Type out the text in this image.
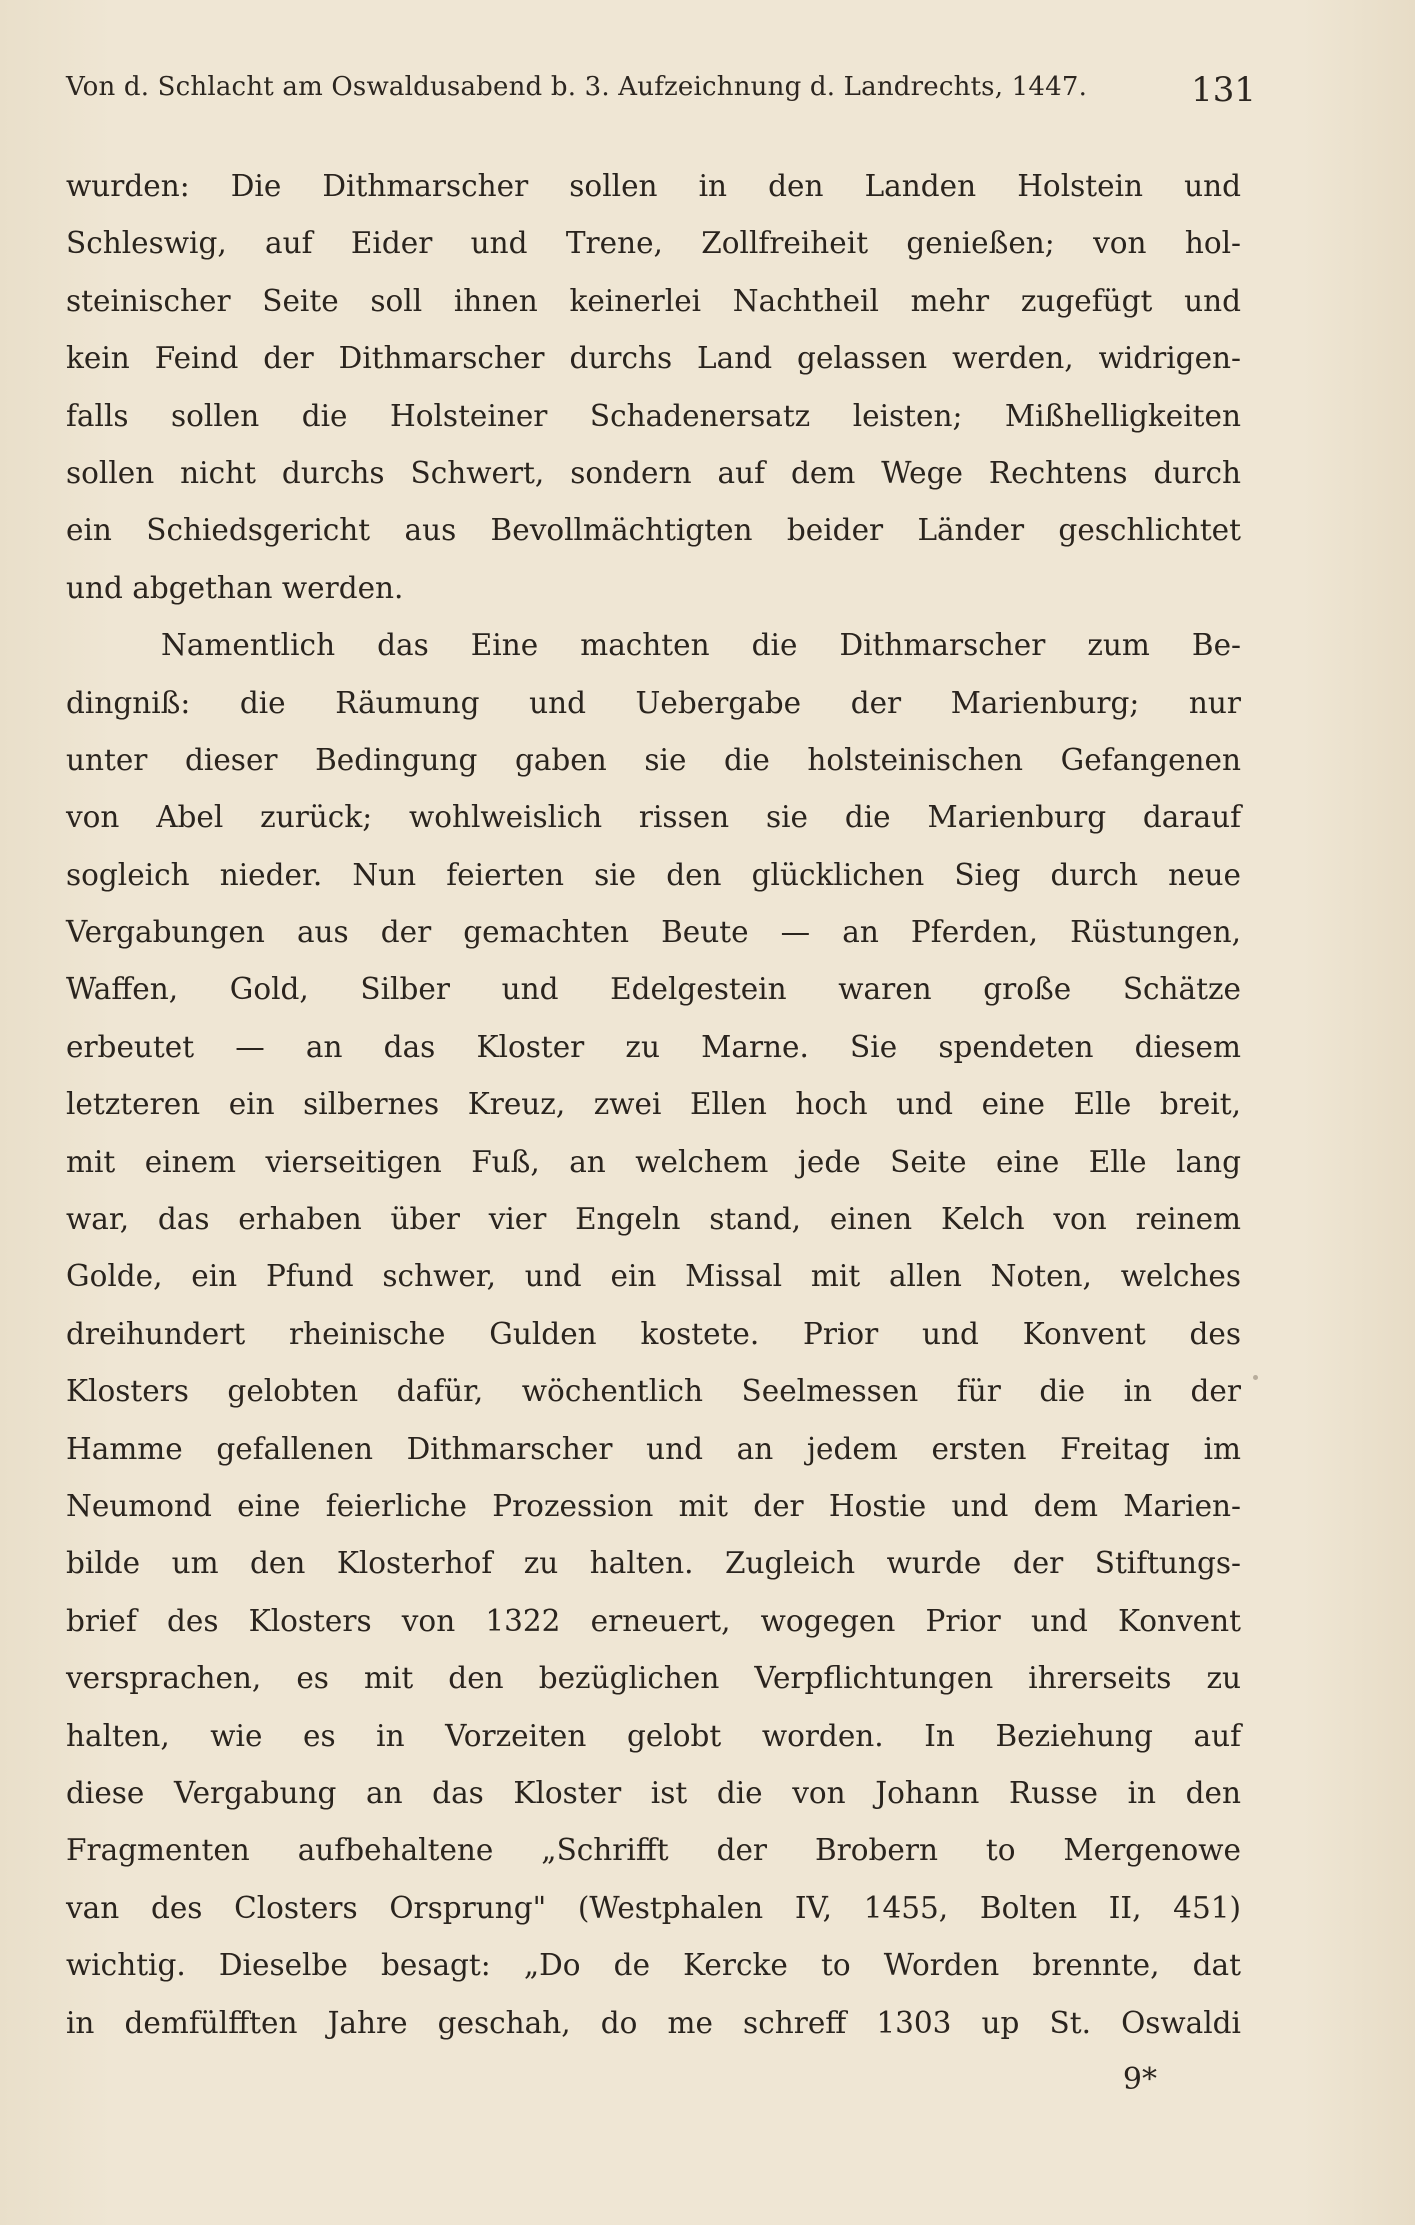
Von d. Schlacht am Oswaldusabend b. 3. Aufzeichnung d. Landrechts, 1447.	131
wurden: Die Dithmarscher sollen in den Landen Holstein und
Schleswig, auf Eider und Trene, Zollfreiheit genießen; von hol-
steinischer Seite soll ihnen keinerlei Nachtheil mehr zugefügt und
kein Feind der Dithmarscher durchs Land gelassen werden, widrigen-
falls sollen die Holsteiner Schadenersatz leisten; Mißhelligkeiten
sollen nicht durchs Schwert, sondern auf dem Wege Rechtens durch
ein Schiedsgericht aus Bevollmächtigten beider Länder geschlichtet
und abgethan werden.
Namentlich das Eine machten die Dithmarscher zum Be-
dingniß: die Räumung und Uebergabe der Marienburg; nur
unter dieser Bedingung gaben sie die holsteinischen Gefangenen
von Abel zurück; wohlweislich rissen sie die Marienburg darauf
sogleich nieder. Nun feierten sie den glücklichen Sieg durch neue
Vergabungen aus der gemachten Beute — an Pferden, Rüstungen,
Waffen, Gold, Silber und Edelgestein waren große Schätze
erbeutet — an das Kloster zu Marne. Sie spendeten diesem
letzteren ein silbernes Kreuz, zwei Ellen hoch und eine Elle breit,
mit einem vierseitigen Fuß, an welchem jede Seite eine Elle lang
war, das erhaben über vier Engeln stand, einen Kelch von reinem
Golde, ein Pfund schwer, und ein Missal mit allen Noten, welches
dreihundert rheinische Gulden kostete. Prior und Konvent des
Klosters gelobten dafür, wöchentlich Seelmessen für die in der
Hamme gefallenen Dithmarscher und an jedem ersten Freitag im
Neumond eine feierliche Prozession mit der Hostie und dem Marien-
bilde um den Klosterhof zu halten. Zugleich wurde der Stiftungs-
brief des Klosters von 1322 erneuert, wogegen Prior und Konvent
versprachen, es mit den bezüglichen Verpflichtungen ihrerseits zu
halten, wie es in Vorzeiten gelobt worden. In Beziehung auf
diese Vergabung an das Kloster ist die von Johann Russe in den
Fragmenten aufbehaltene „Schrifft der Brobern to Mergenowe
van des Closters Orsprung" (Westphalen IV, 1455, Bolten II, 451)
wichtig. Dieselbe besagt: „Do de Kercke to Worden brennte, dat
in demfülfften Jahre geschah, do me schreff 1303 up St. Oswaldi
9*
